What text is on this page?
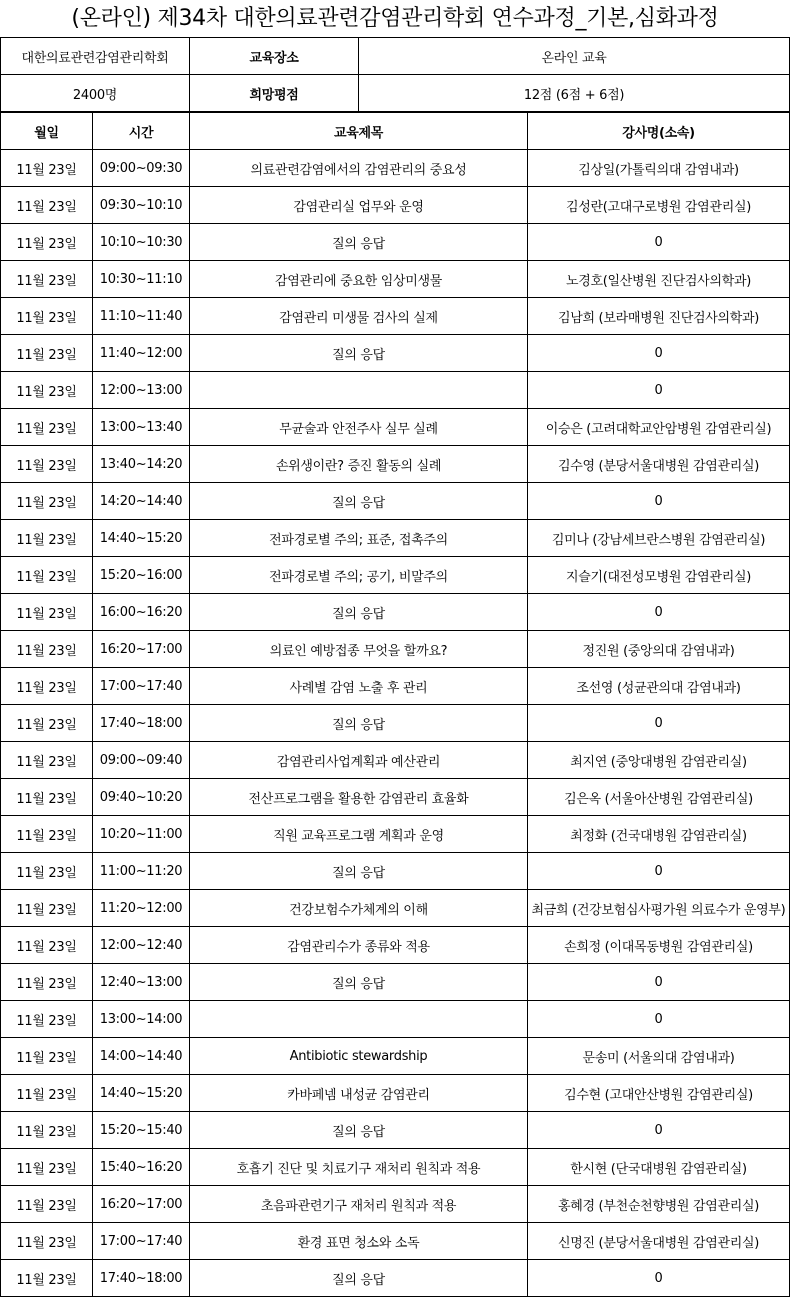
(온라인) 제34차 대한의료관련감염관리학회 연수과정_기본,심화과정
대한의료관련감염관리학회	교육장소	온라인 교육
2400명	희망평점	12점 (6점 + 6점)
월일	시간	교육제목	강사명(소속)
11월 23일	09:00~09:30	의료관련감염에서의 감염관리의 중요성	김상일(가톨릭의대 감염내과)
11월 23일	09:30~10:10	감염관리실 업무와 운영	김성란(고대구로병원 감염관리실)
11월 23일	10:10~10:30	질의 응답	0
11월 23일	10:30~11:10	감염관리에 중요한 임상미생물	노경호(일산병원 진단검사의학과)
11월 23일	11:10~11:40	감염관리 미생물 검사의 실제	김남희 (보라매병원 진단검사의학과)
11월 23일	11:40~12:00	질의 응답	0
11월 23일	12:00~13:00		0
11월 23일	13:00~13:40	무균술과 안전주사 실무 실례	이승은 (고려대학교안암병원 감염관리실)
11월 23일	13:40~14:20	손위생이란? 증진 활동의 실례	김수영 (분당서울대병원 감염관리실)
11월 23일	14:20~14:40	질의 응답	0
11월 23일	14:40~15:20	전파경로별 주의; 표준, 접촉주의	김미나 (강남세브란스병원 감염관리실)
11월 23일	15:20~16:00	전파경로별 주의; 공기, 비말주의	지슬기(대전성모병원 감염관리실)
11월 23일	16:00~16:20	질의 응답	0
11월 23일	16:20~17:00	의료인 예방접종 무엇을 할까요?	정진원 (중앙의대 감염내과)
11월 23일	17:00~17:40	사례별 감염 노출 후 관리	조선영 (성균관의대 감염내과)
11월 23일	17:40~18:00	질의 응답	0
11월 23일	09:00~09:40	감염관리사업계획과 예산관리	최지연 (중앙대병원 감염관리실)
11월 23일	09:40~10:20	전산프로그램을 활용한 감염관리 효율화	김은옥 (서울아산병원 감염관리실)
11월 23일	10:20~11:00	직원 교육프로그램 계획과 운영	최정화 (건국대병원 감염관리실)
11월 23일	11:00~11:20	질의 응답	0
11월 23일	11:20~12:00	건강보험수가체계의 이해	최금희 (건강보험심사평가원 의료수가 운영부)
11월 23일	12:00~12:40	감염관리수가 종류와 적용	손희정 (이대목동병원 감염관리실)
11월 23일	12:40~13:00	질의 응답	0
11월 23일	13:00~14:00		0
11월 23일	14:00~14:40	Antibiotic stewardship	문송미 (서울의대 감염내과)
11월 23일	14:40~15:20	카바페넴 내성균 감염관리	김수현 (고대안산병원 감염관리실)
11월 23일	15:20~15:40	질의 응답	0
11월 23일	15:40~16:20	호흡기 진단 및 치료기구 재처리 원칙과 적용	한시현 (단국대병원 감염관리실)
11월 23일	16:20~17:00	초음파관련기구 재처리 원칙과 적용	홍혜경 (부천순천향병원 감염관리실)
11월 23일	17:00~17:40	환경 표면 청소와 소독	신명진 (분당서울대병원 감염관리실)
11월 23일	17:40~18:00	질의 응답	0
